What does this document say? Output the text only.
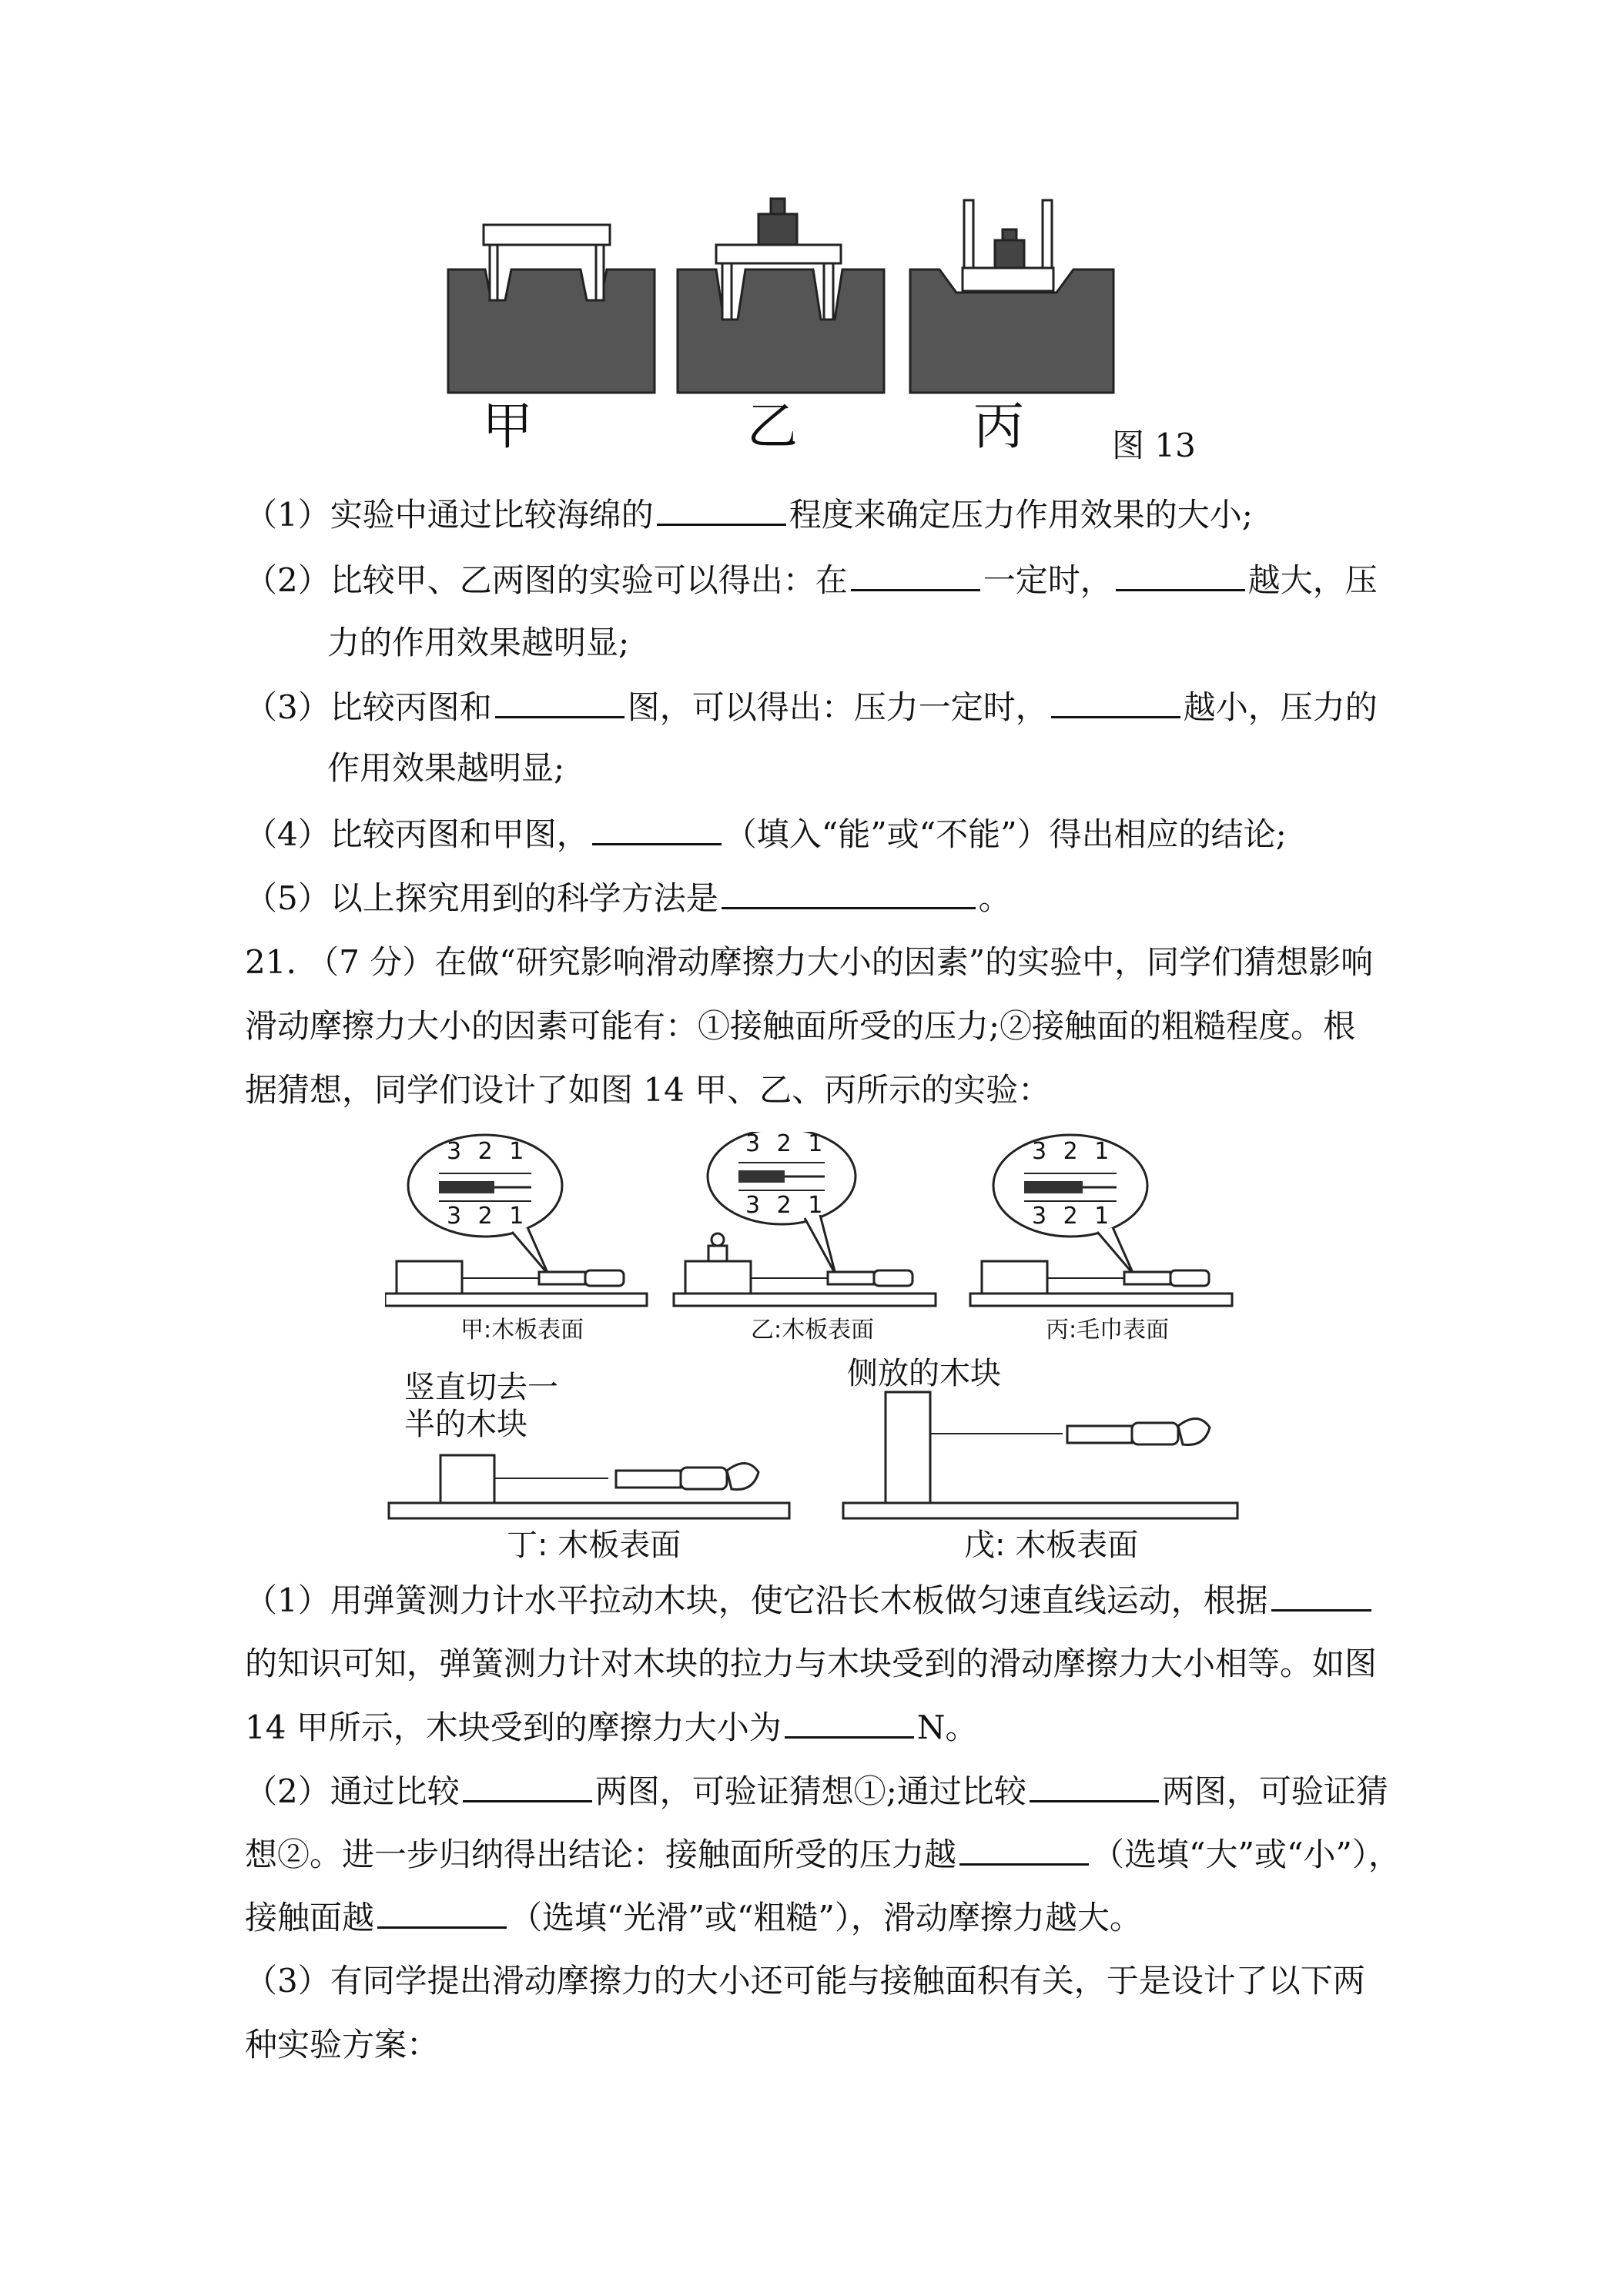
甲	乙	丙	图 13
（1）实验中通过比较海绵的	程度来确定压力作用效果的大小;
（2）比较甲、乙两图的实验可以得出：在	一定时，	越大，压
力的作用效果越明显;
（3）比较丙图和	图，可以得出：压力一定时，	越小，压力的
作用效果越明显;
（4）比较丙图和甲图，	（填入“能”或“不能”）得出相应的结论;
（5）以上探究用到的科学方法是	。
21. （7 分）在做“研究影响滑动摩擦力大小的因素”的实验中，同学们猜想影响
滑动摩擦力大小的因素可能有：①接触面所受的压力;②接触面的粗糙程度。根
据猜想，同学们设计了如图 14 甲、乙、丙所示的实验：
3 2 1
3 2 1
3 2 1
3 2 1
3 2 1
3 2 1
甲:木板表面	乙:木板表面	丙:毛巾表面
竖直切去一
半的木块
侧放的木块
丁: 木板表面	戊: 木板表面
（1）用弹簧测力计水平拉动木块，使它沿长木板做匀速直线运动，根据
的知识可知，弹簧测力计对木块的拉力与木块受到的滑动摩擦力大小相等。如图
14 甲所示，木块受到的摩擦力大小为	N。
（2）通过比较	两图，可验证猜想①;通过比较	两图，可验证猜
想②。进一步归纳得出结论：接触面所受的压力越	（选填“大”或“小”），
接触面越	（选填“光滑”或“粗糙”），滑动摩擦力越大。
（3）有同学提出滑动摩擦力的大小还可能与接触面积有关，于是设计了以下两
种实验方案：
